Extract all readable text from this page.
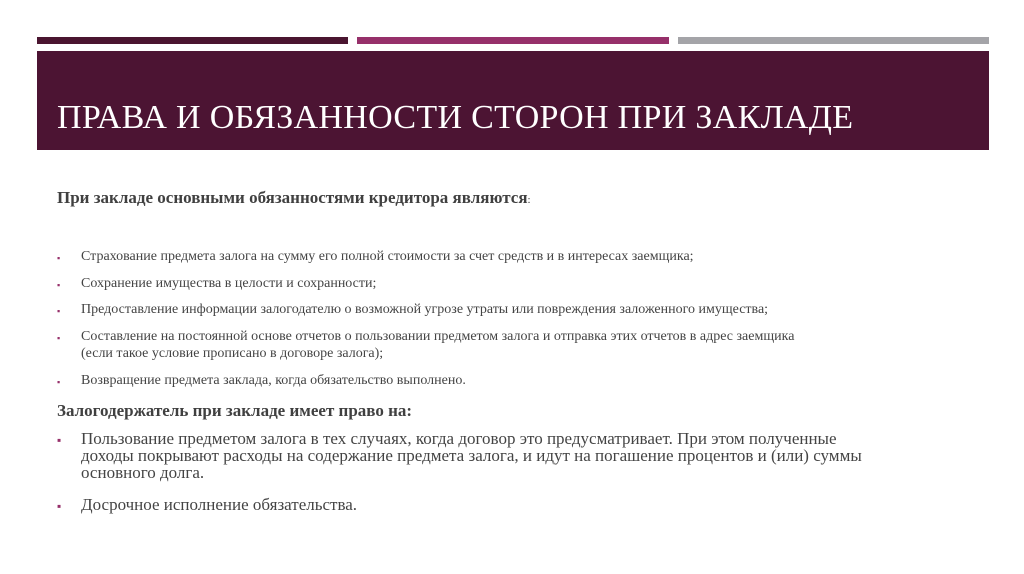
ПРАВА И ОБЯЗАННОСТИ СТОРОН ПРИ ЗАКЛАДЕ
При закладе основными обязанностями кредитора являются:
▪ Страхование предмета залога на сумму его полной стоимости за счет средств и в интересах заемщика;
▪ Сохранение имущества в целости и сохранности;
▪ Предоставление информации залогодателю о возможной угрозе утраты или повреждения заложенного имущества;
▪ Составление на постоянной основе отчетов о пользовании предметом залога и отправка этих отчетов в адрес заемщика
(если такое условие прописано в договоре залога);
▪ Возвращение предмета заклада, когда обязательство выполнено.
Залогодержатель при закладе имеет право на:
▪ Пользование предметом залога в тех случаях, когда договор это предусматривает. При этом полученные
доходы покрывают расходы на содержание предмета залога, и идут на погашение процентов и (или) суммы
основного долга.
▪ Досрочное исполнение обязательства.
